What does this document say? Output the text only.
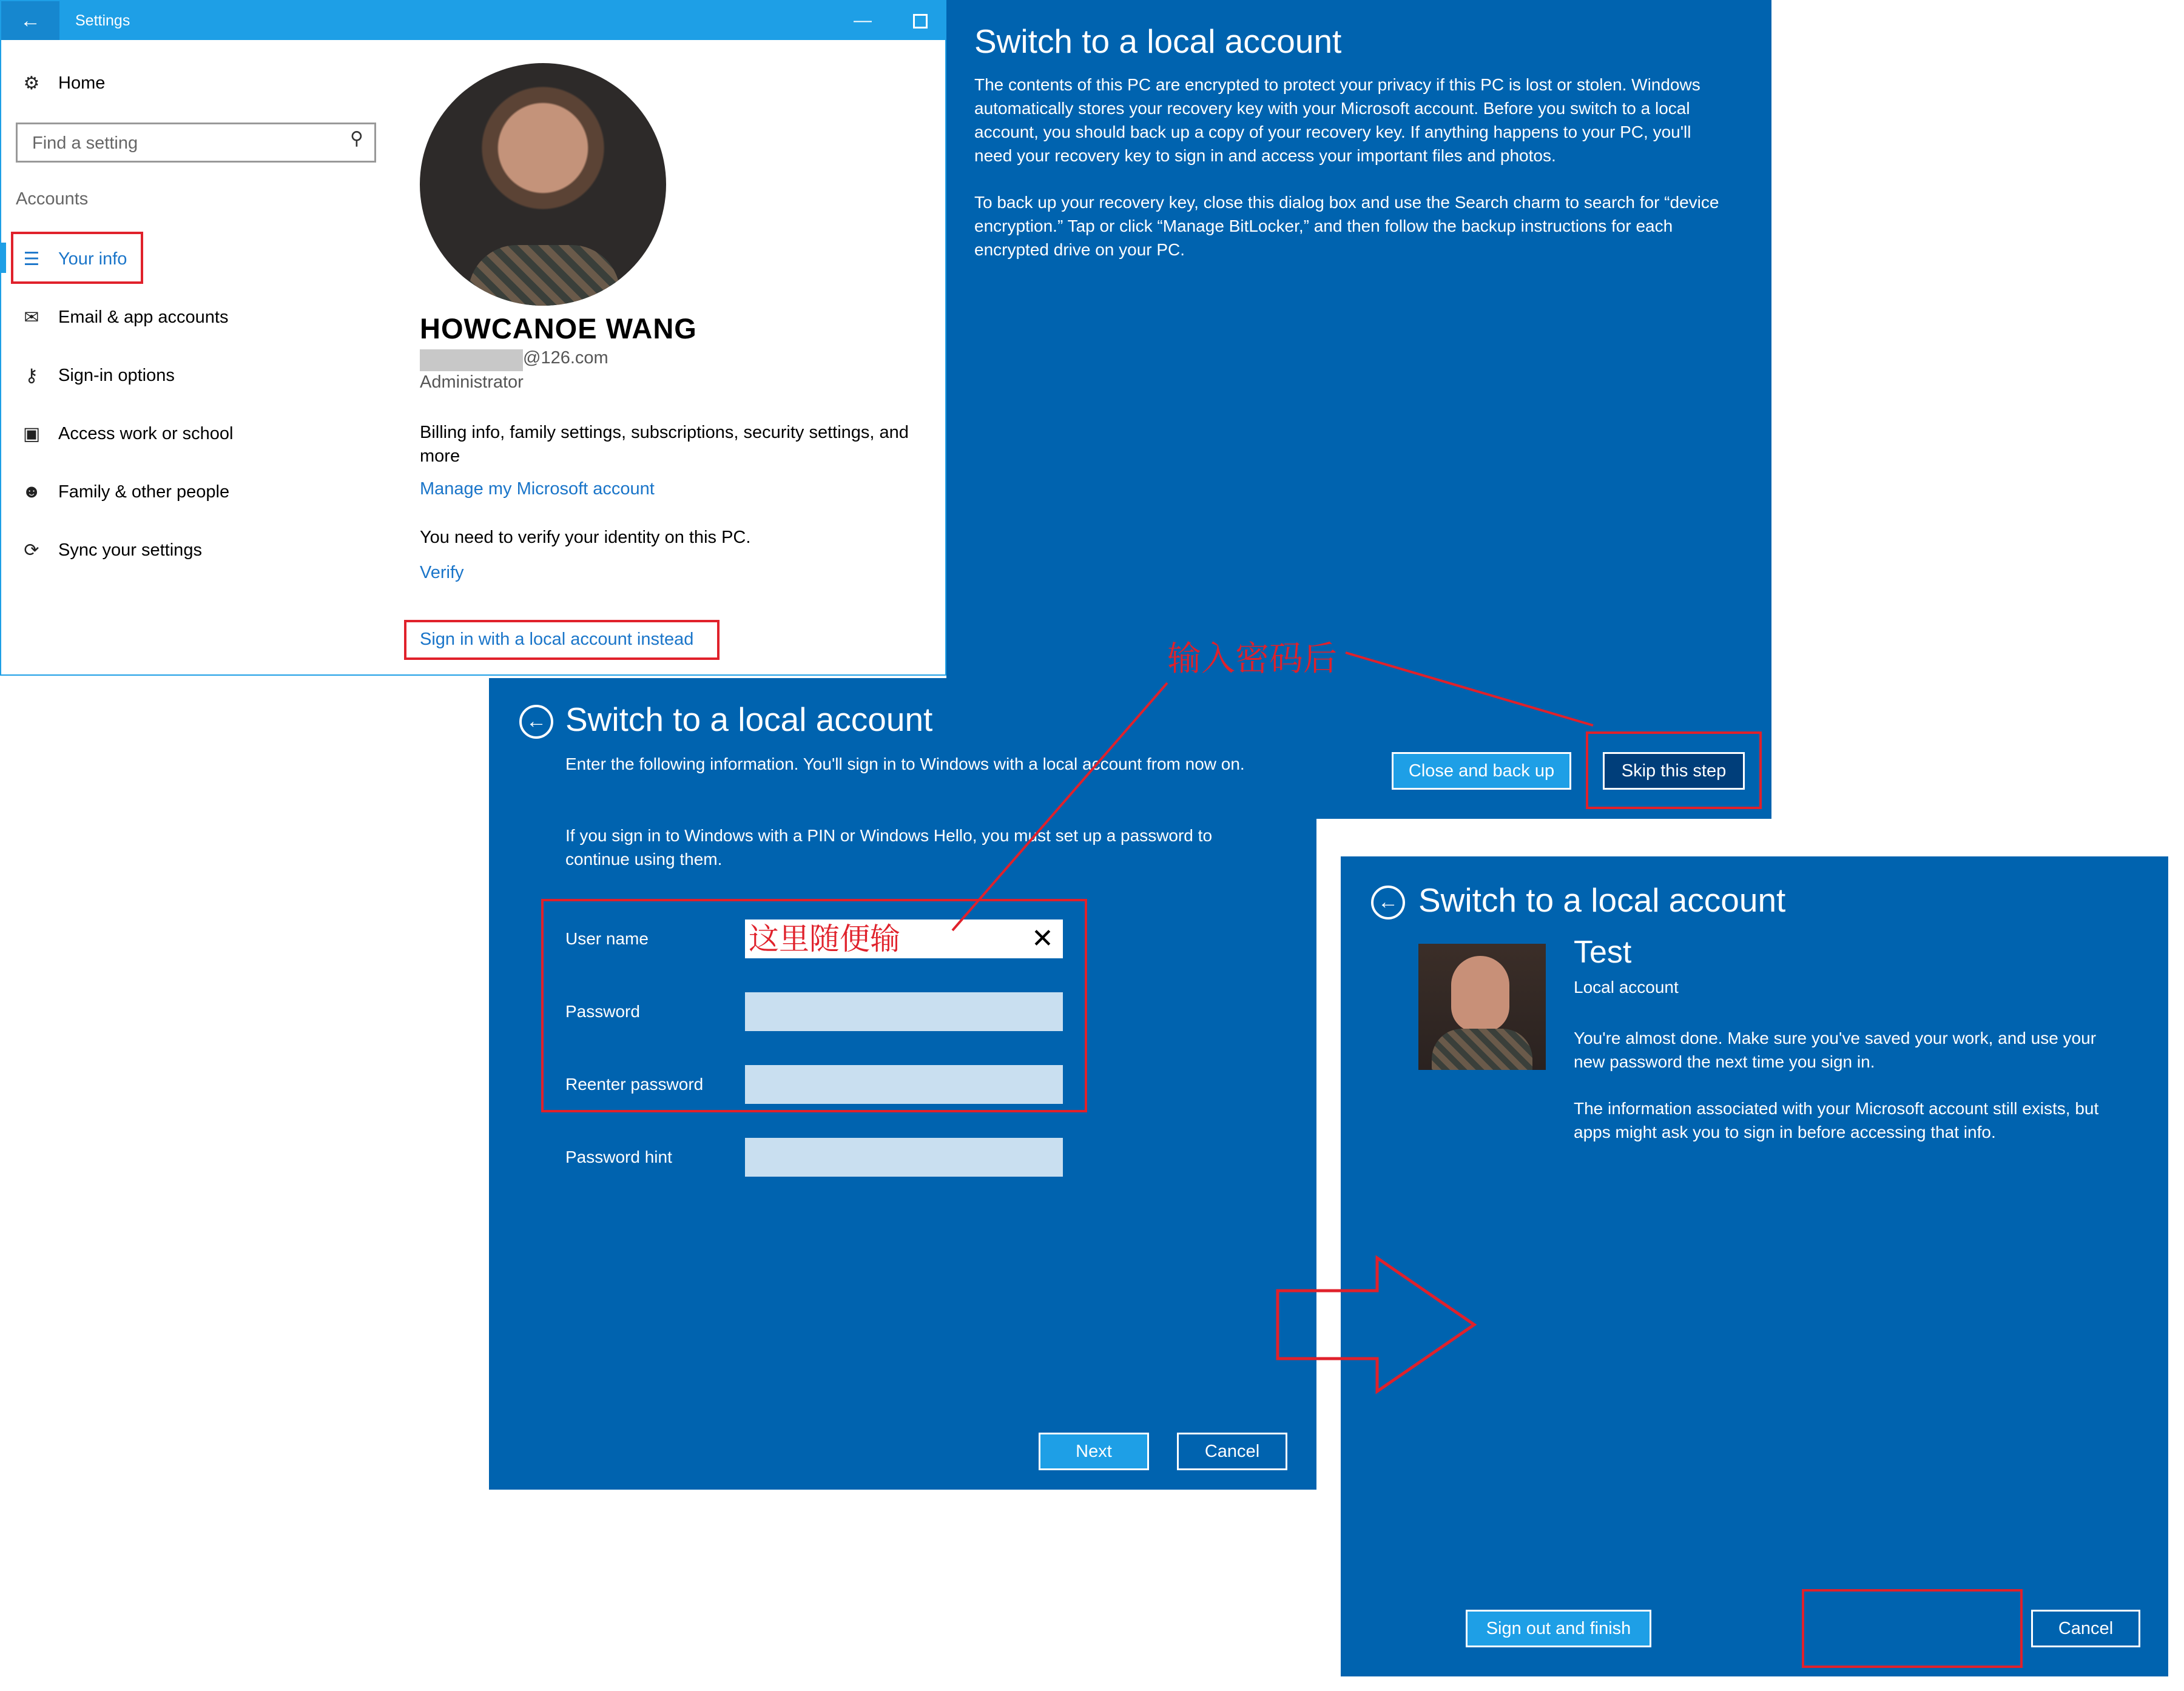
←	Settings	—
⚙	Home
Find a setting
⚲
Accounts
☰	Your info
✉	Email & app accounts
⚷	Sign-in options
▣	Access work or school
☻ Family & other people
⟳	Sync your settings
HOWCANOE WANG
@126.com
Administrator
Billing info, family settings, subscriptions, security settings, and more
Manage my Microsoft account
You need to verify your identity on this PC.
Verify
Sign in with a local account instead
Switch to a local account
The contents of this PC are encrypted to protect your privacy if this PC is lost or stolen. Windows automatically stores your recovery key with your Microsoft account. Before you switch to a local account, you should back up a copy of your recovery key. If anything happens to your PC, you'll need your recovery key to sign in and access your important files and photos.
To back up your recovery key, close this dialog box and use the Search charm to search for “device encryption.” Tap or click “Manage BitLocker,” and then follow the backup instructions for each encrypted drive on your PC.
Close and back up	Skip this step
← Switch to a local account
Enter the following information. You'll sign in to Windows with a local account from now on.
If you sign in to Windows with a PIN or Windows Hello, you must set up a password to continue using them.
User name	这里随便输	✕
Password
Reenter password
Password hint
Next	Cancel
← Switch to a local account
Test
Local account
You're almost done. Make sure you've saved your work, and use your new password the next time you sign in.
The information associated with your Microsoft account still exists, but apps might ask you to sign in before accessing that info.
Sign out and finish	Cancel
输入密码后
